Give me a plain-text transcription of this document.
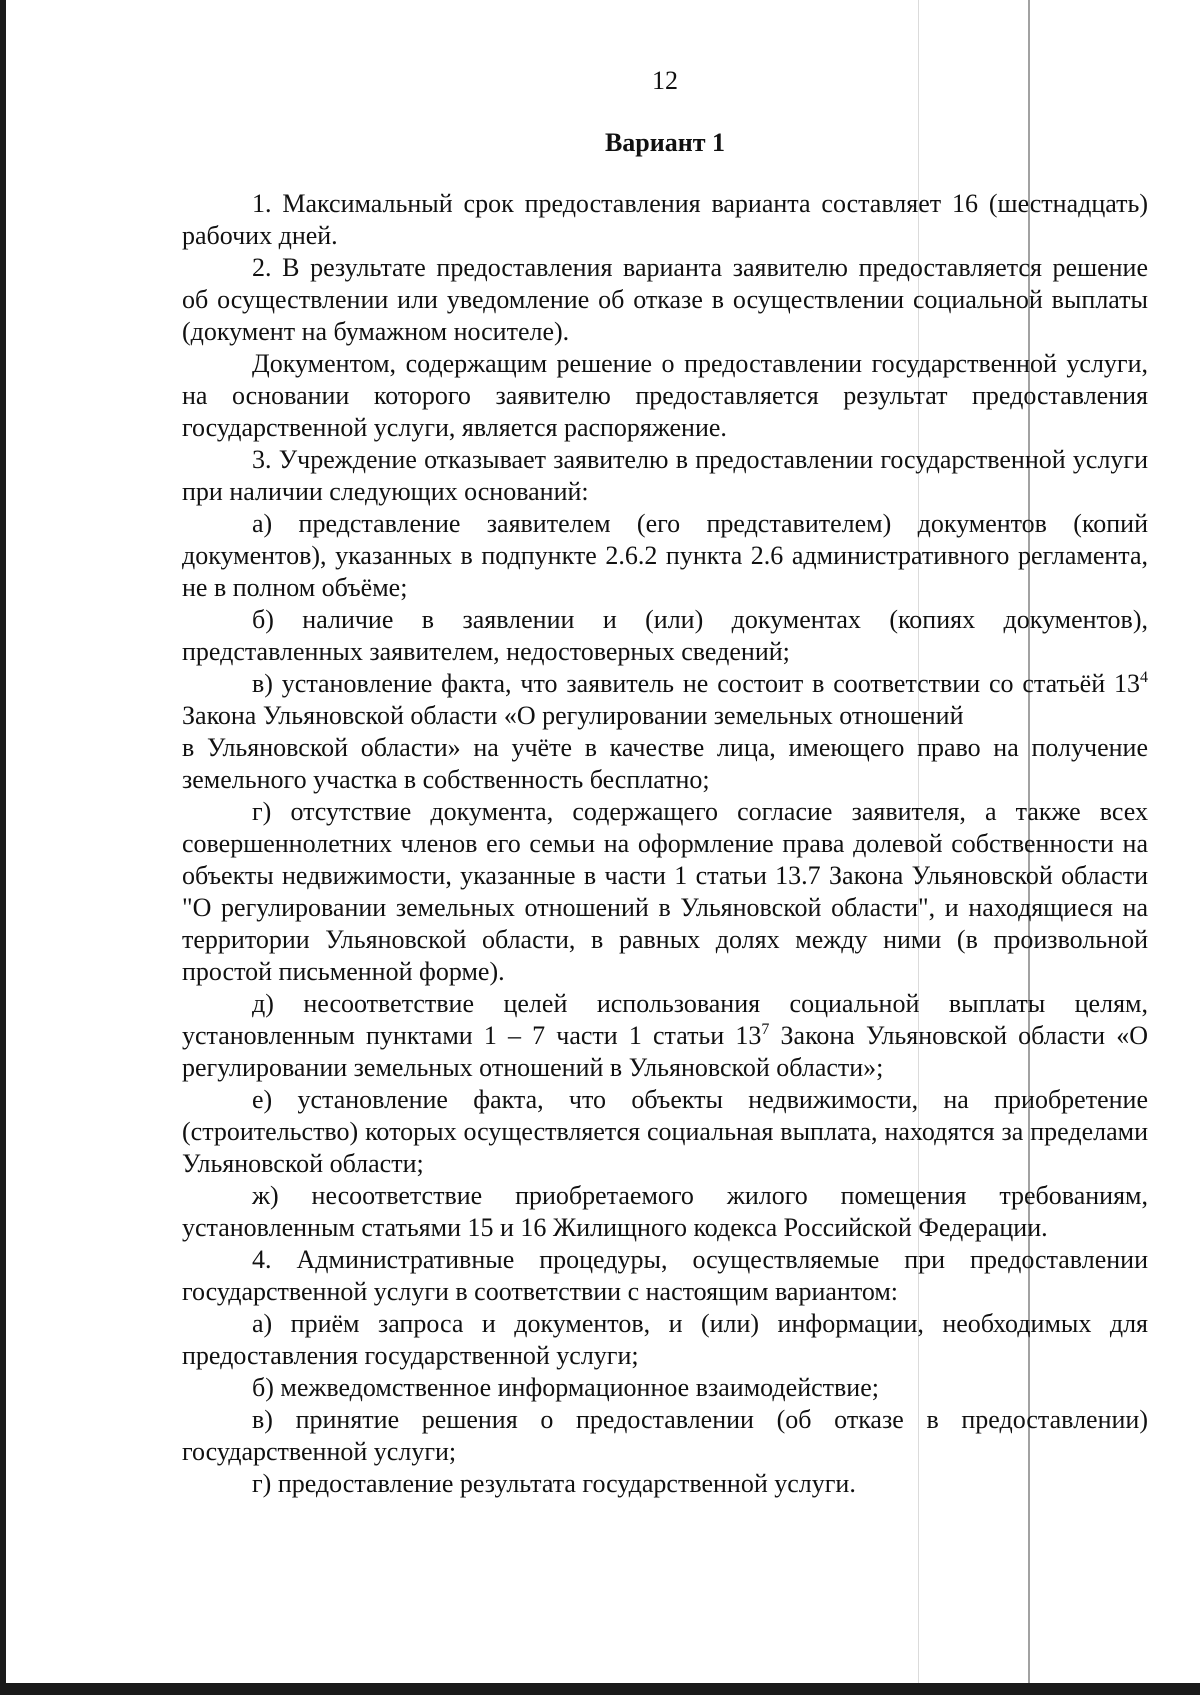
12
Вариант 1

1. Максимальный срок предоставления варианта составляет 16 (шестнадцать) рабочих дней.

2. В результате предоставления варианта заявителю предоставляется решение об осуществлении или уведомление об отказе в осуществлении социальной выплаты (документ на бумажном носителе).

Документом, содержащим решение о предоставлении государственной услуги, на основании которого заявителю предоставляется результат предоставления государственной услуги, является распоряжение.

3. Учреждение отказывает заявителю в предоставлении государственной услуги при наличии следующих оснований:

а) представление заявителем (его представителем) документов (копий документов), указанных в подпункте 2.6.2 пункта 2.6 административного регламента, не в полном объёме;

б) наличие в заявлении и (или) документах (копиях документов), представленных заявителем, недостоверных сведений;

в) установление факта, что заявитель не состоит в соответствии со статьёй $13^4$ Закона Ульяновской области «О регулировании земельных отношений

в Ульяновской области» на учёте в качестве лица, имеющего право на получение земельного участка в собственность бесплатно;

г) отсутствие документа, содержащего согласие заявителя, а также всех совершеннолетних членов его семьи на оформление права долевой собственности на объекты недвижимости, указанные в части 1 статьи 13.7 Закона Ульяновской области "О регулировании земельных отношений в Ульяновской области", и находящиеся на территории Ульяновской области, в равных долях между ними (в произвольной простой письменной форме).

д) несоответствие целей использования социальной выплаты целям, установленным пунктами 1 – 7 части 1 статьи $13^7$ Закона Ульяновской области «О регулировании земельных отношений в Ульяновской области»;

е) установление факта, что объекты недвижимости, на приобретение (строительство) которых осуществляется социальная выплата, находятся за пределами Ульяновской области;

ж) несоответствие приобретаемого жилого помещения требованиям, установленным статьями 15 и 16 Жилищного кодекса Российской Федерации.

4. Административные процедуры, осуществляемые при предоставлении государственной услуги в соответствии с настоящим вариантом:

а) приём запроса и документов, и (или) информации, необходимых для предоставления государственной услуги;

б) межведомственное информационное взаимодействие;

в) принятие решения о предоставлении (об отказе в предоставлении) государственной услуги;

г) предоставление результата государственной услуги.
